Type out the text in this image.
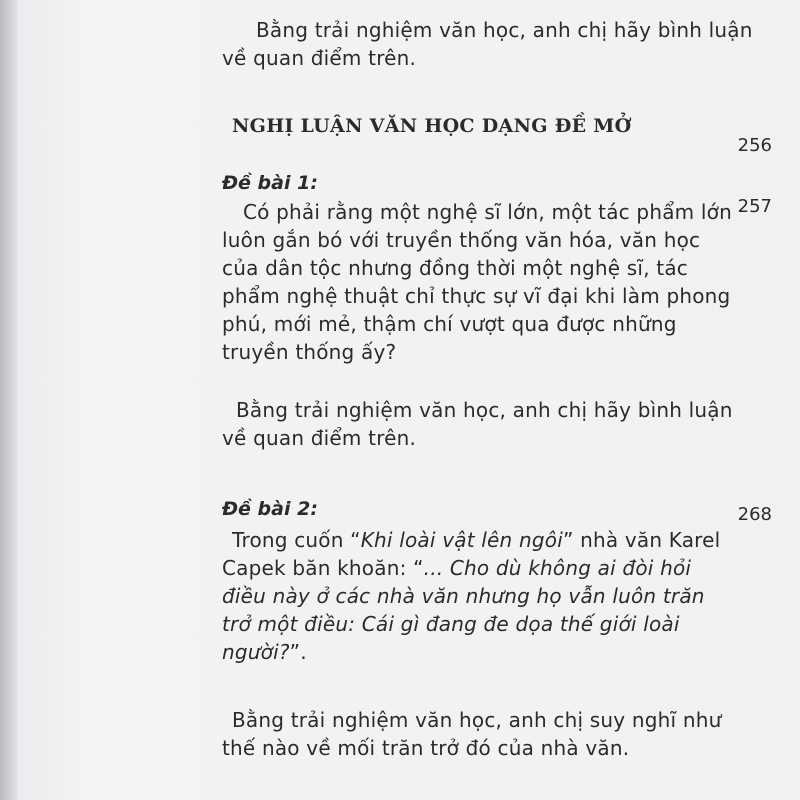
Bằng trải nghiệm văn học, anh chị hãy bình luận
về quan điểm trên.
NGHỊ LUẬN VĂN HỌC DẠNG ĐỀ MỞ
256
Đề bài 1:
257
Có phải rằng một nghệ sĩ lớn, một tác phẩm lớn
luôn gắn bó với truyền thống văn hóa, văn học
của dân tộc nhưng đồng thời một nghệ sĩ, tác
phẩm nghệ thuật chỉ thực sự vĩ đại khi làm phong
phú, mới mẻ, thậm chí vượt qua được những
truyền thống ấy?
Bằng trải nghiệm văn học, anh chị hãy bình luận
về quan điểm trên.
Đề bài 2:	268
Trong cuốn “Khi loài vật lên ngôi” nhà văn Karel
Capek băn khoăn: “... Cho dù không ai đòi hỏi
điều này ở các nhà văn nhưng họ vẫn luôn trăn
trở một điều: Cái gì đang đe dọa thế giới loài
người?”.
Bằng trải nghiệm văn học, anh chị suy nghĩ như
thế nào về mối trăn trở đó của nhà văn.
